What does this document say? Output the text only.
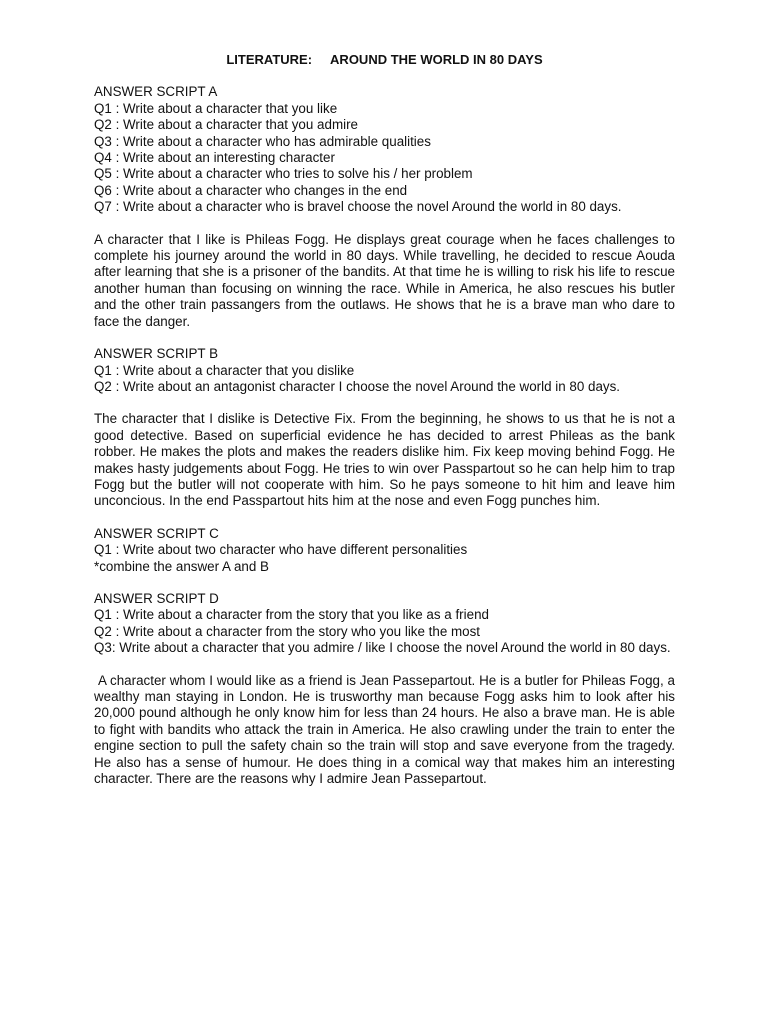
LITERATURE: AROUND THE WORLD IN 80 DAYS

ANSWER SCRIPT A

Q1 : Write about a character that you like

Q2 : Write about a character that you admire

Q3 : Write about a character who has admirable qualities

Q4 : Write about an interesting character

Q5 : Write about a character who tries to solve his / her problem

Q6 : Write about a character who changes in the end

Q7 : Write about a character who is bravel choose the novel Around the world in 80 days.

A character that I like is Phileas Fogg. He displays great courage when he faces challenges to complete his journey around the world in 80 days. While travelling, he decided to rescue Aouda after learning that she is a prisoner of the bandits. At that time he is willing to risk his life to rescue another human than focusing on winning the race. While in America, he also rescues his butler and the other train passangers from the outlaws. He shows that he is a brave man who dare to face the danger.

ANSWER SCRIPT B

Q1 : Write about a character that you dislike

Q2 : Write about an antagonist character I choose the novel Around the world in 80 days.

The character that I dislike is Detective Fix. From the beginning, he shows to us that he is not a good detective. Based on superficial evidence he has decided to arrest Phileas as the bank robber. He makes the plots and makes the readers dislike him. Fix keep moving behind Fogg. He makes hasty judgements about Fogg. He tries to win over Passpartout so he can help him to trap Fogg but the butler will not cooperate with him. So he pays someone to hit him and leave him unconcious. In the end Passpartout hits him at the nose and even Fogg punches him.

ANSWER SCRIPT C

Q1 : Write about two character who have different personalities

*combine the answer A and B

ANSWER SCRIPT D

Q1 : Write about a character from the story that you like as a friend

Q2 : Write about a character from the story who you like the most

Q3: Write about a character that you admire / like I choose the novel Around the world in 80 days.

A character whom I would like as a friend is Jean Passepartout. He is a butler for Phileas Fogg, a wealthy man staying in London. He is trusworthy man because Fogg asks him to look after his 20,000 pound although he only know him for less than 24 hours. He also a brave man. He is able to fight with bandits who attack the train in America. He also crawling under the train to enter the engine section to pull the safety chain so the train will stop and save everyone from the tragedy. He also has a sense of humour. He does thing in a comical way that makes him an interesting character. There are the reasons why I admire Jean Passepartout.
